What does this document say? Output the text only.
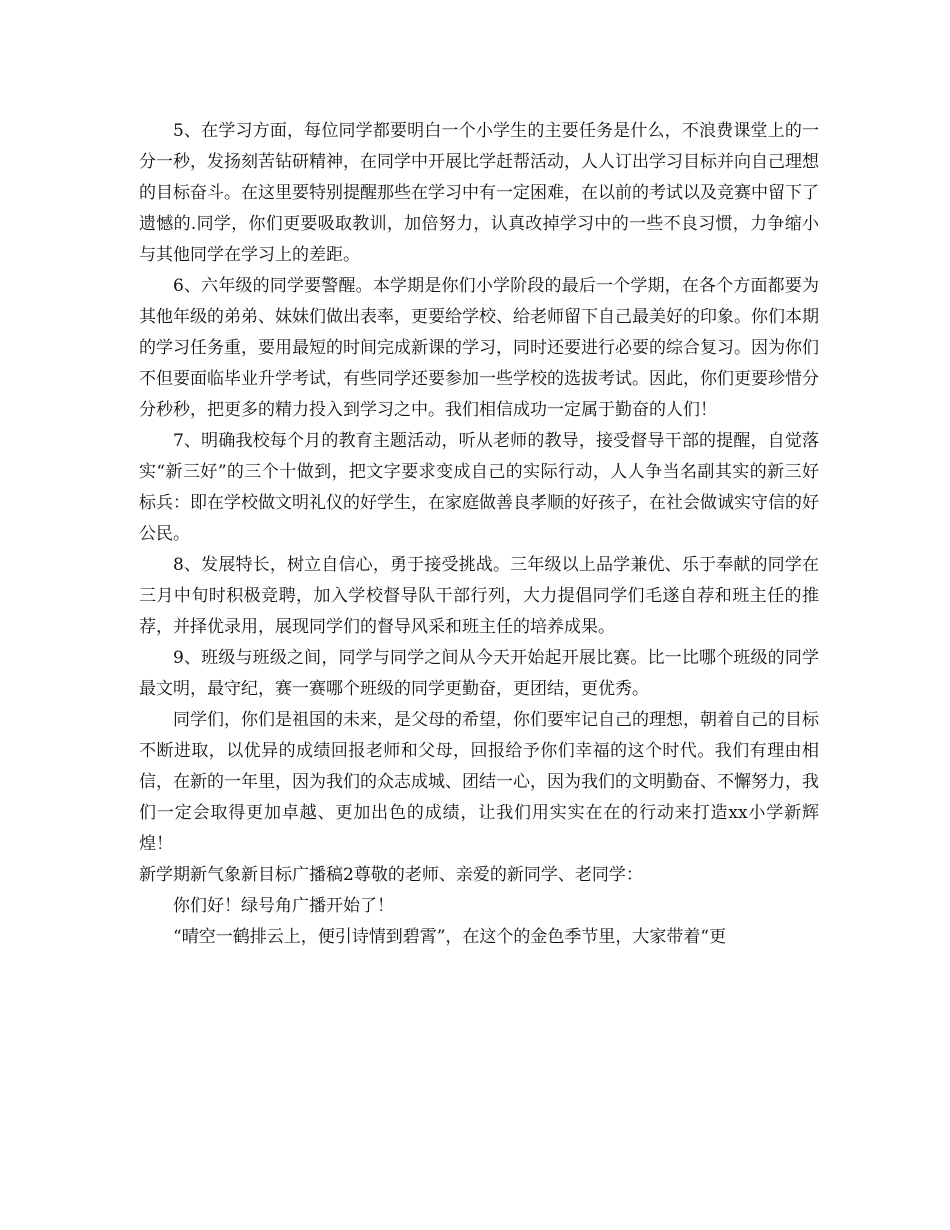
5、在学习方面，每位同学都要明白一个小学生的主要任务是什么，不浪费课堂上的一分一秒，发扬刻苦钻研精神，在同学中开展比学赶帮活动，人人订出学习目标并向自己理想的目标奋斗。在这里要特别提醒那些在学习中有一定困难，在以前的考试以及竞赛中留下了遗憾的.同学，你们更要吸取教训，加倍努力，认真改掉学习中的一些不良习惯，力争缩小与其他同学在学习上的差距。

6、六年级的同学要警醒。本学期是你们小学阶段的最后一个学期，在各个方面都要为其他年级的弟弟、妹妹们做出表率，更要给学校、给老师留下自己最美好的印象。你们本期的学习任务重，要用最短的时间完成新课的学习，同时还要进行必要的综合复习。因为你们不但要面临毕业升学考试，有些同学还要参加一些学校的选拔考试。因此，你们更要珍惜分分秒秒，把更多的精力投入到学习之中。我们相信成功一定属于勤奋的人们！

7、明确我校每个月的教育主题活动，听从老师的教导，接受督导干部的提醒，自觉落实“新三好”的三个十做到，把文字要求变成自己的实际行动，人人争当名副其实的新三好标兵：即在学校做文明礼仪的好学生，在家庭做善良孝顺的好孩子，在社会做诚实守信的好公民。

8、发展特长，树立自信心，勇于接受挑战。三年级以上品学兼优、乐于奉献的同学在三月中旬时积极竞聘，加入学校督导队干部行列，大力提倡同学们毛遂自荐和班主任的推荐，并择优录用，展现同学们的督导风采和班主任的培养成果。

9、班级与班级之间，同学与同学之间从今天开始起开展比赛。比一比哪个班级的同学最文明，最守纪，赛一赛哪个班级的同学更勤奋，更团结，更优秀。

同学们，你们是祖国的未来，是父母的希望，你们要牢记自己的理想，朝着自己的目标不断进取，以优异的成绩回报老师和父母，回报给予你们幸福的这个时代。我们有理由相信，在新的一年里，因为我们的众志成城、团结一心，因为我们的文明勤奋、不懈努力，我们一定会取得更加卓越、更加出色的成绩，让我们用实实在在的行动来打造xx小学新辉煌！

新学期新气象新目标广播稿2尊敬的老师、亲爱的新同学、老同学：

你们好！绿号角广播开始了！

“晴空一鹤排云上，便引诗情到碧霄”，在这个的金色季节里，大家带着“更
